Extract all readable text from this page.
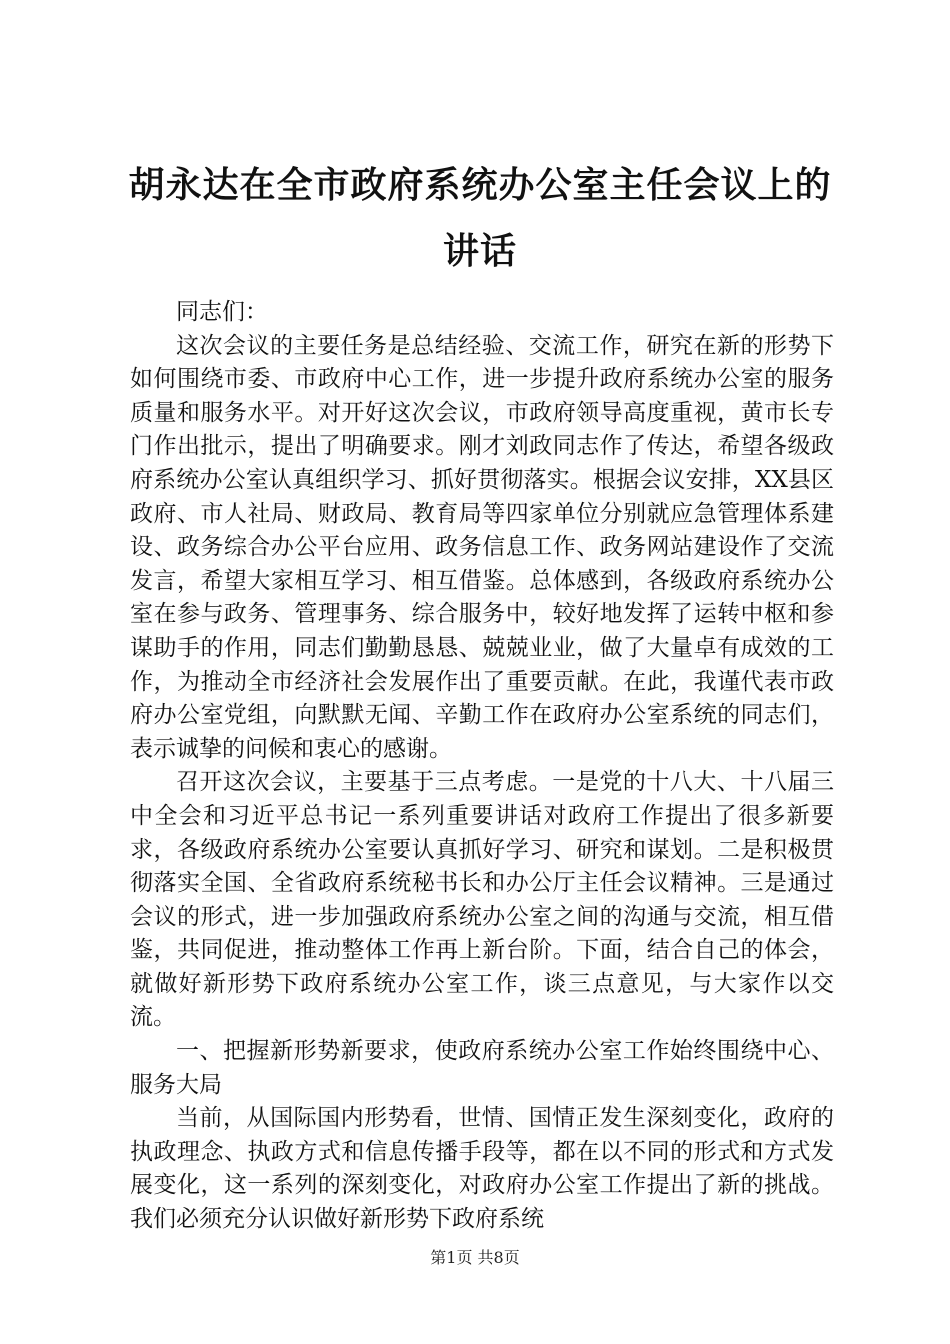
胡永达在全市政府系统办公室主任会议上的讲话

同志们：

这次会议的主要任务是总结经验、交流工作，研究在新的形势下如何围绕市委、市政府中心工作，进一步提升政府系统办公室的服务质量和服务水平。对开好这次会议，市政府领导高度重视，黄市长专门作出批示，提出了明确要求。刚才刘政同志作了传达，希望各级政府系统办公室认真组织学习、抓好贯彻落实。根据会议安排，XX县区政府、市人社局、财政局、教育局等四家单位分别就应急管理体系建设、政务综合办公平台应用、政务信息工作、政务网站建设作了交流发言，希望大家相互学习、相互借鉴。总体感到，各级政府系统办公室在参与政务、管理事务、综合服务中，较好地发挥了运转中枢和参谋助手的作用，同志们勤勤恳恳、兢兢业业，做了大量卓有成效的工作，为推动全市经济社会发展作出了重要贡献。在此，我谨代表市政府办公室党组，向默默无闻、辛勤工作在政府办公室系统的同志们，表示诚挚的问候和衷心的感谢。

召开这次会议，主要基于三点考虑。一是党的十八大、十八届三中全会和习近平总书记一系列重要讲话对政府工作提出了很多新要求，各级政府系统办公室要认真抓好学习、研究和谋划。二是积极贯彻落实全国、全省政府系统秘书长和办公厅主任会议精神。三是通过会议的形式，进一步加强政府系统办公室之间的沟通与交流，相互借鉴，共同促进，推动整体工作再上新台阶。下面，结合自己的体会，就做好新形势下政府系统办公室工作，谈三点意见，与大家作以交流。

一、把握新形势新要求，使政府系统办公室工作始终围绕中心、服务大局

当前，从国际国内形势看，世情、国情正发生深刻变化，政府的执政理念、执政方式和信息传播手段等，都在以不同的形式和方式发展变化，这一系列的深刻变化，对政府办公室工作提出了新的挑战。我们必须充分认识做好新形势下政府系统

第1页 共8页
